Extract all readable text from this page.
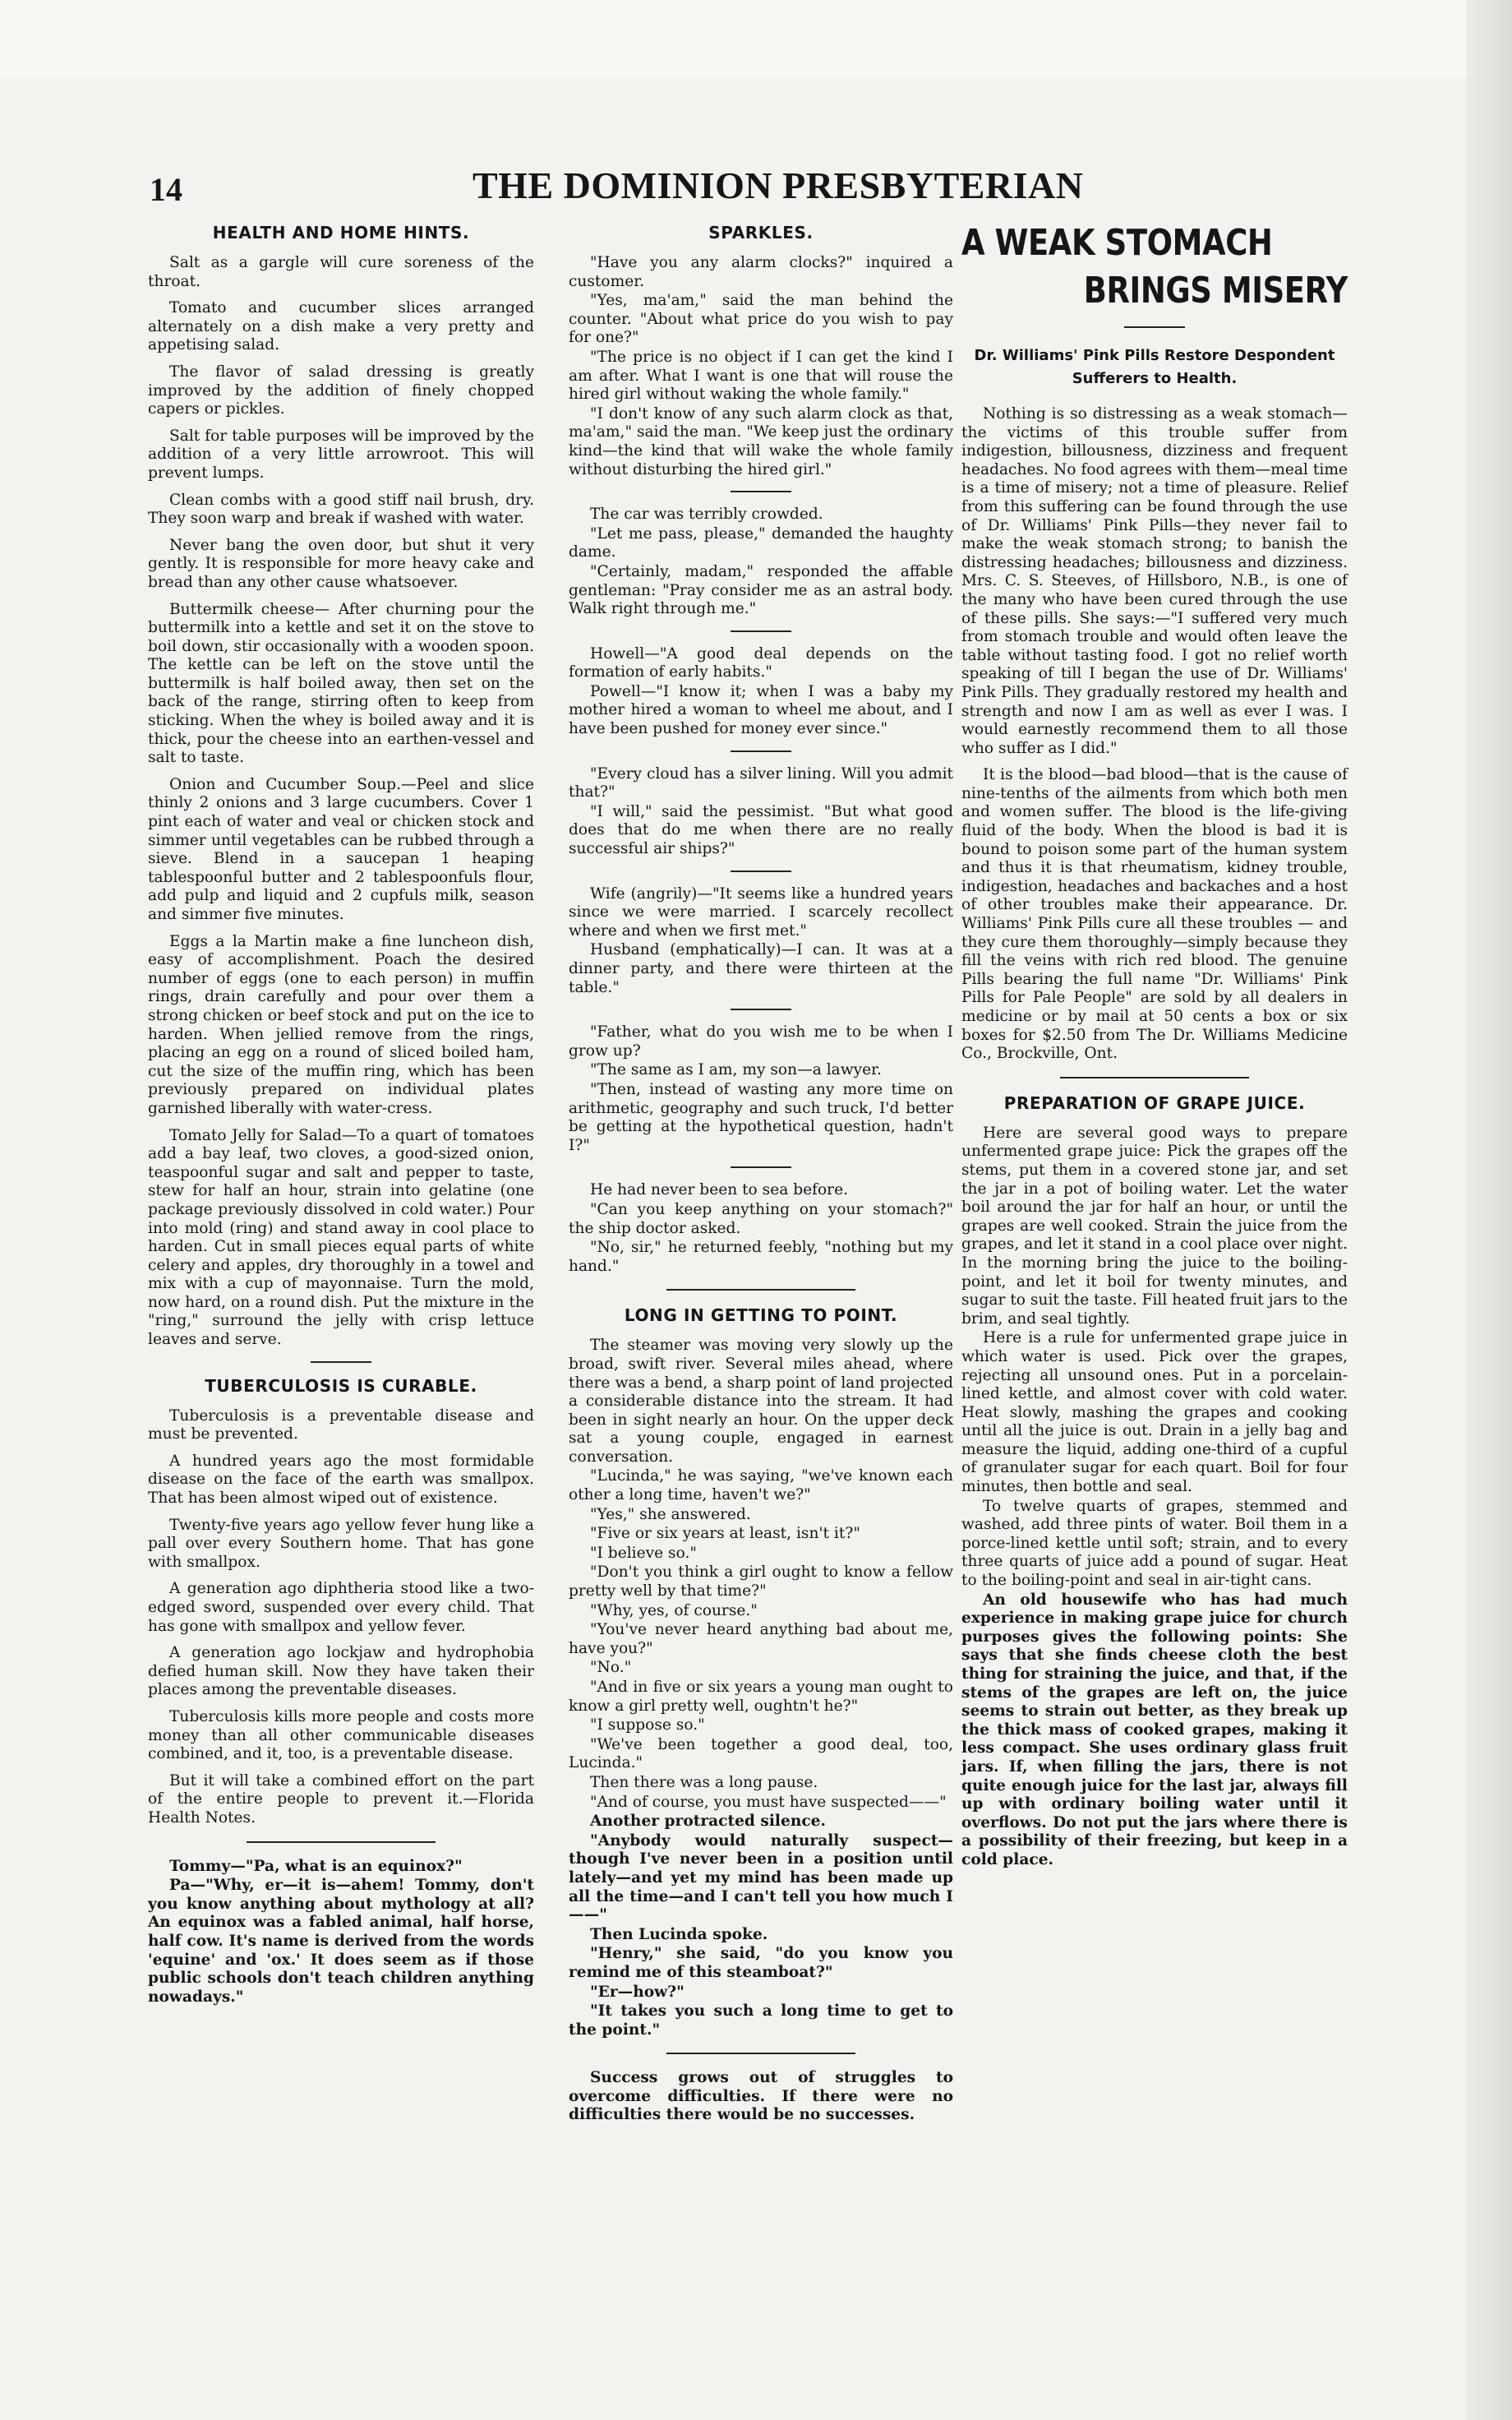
14	THE DOMINION PRESBYTERIAN
HEALTH AND HOME HINTS.

Salt as a gargle will cure soreness of the throat.

Tomato and cucumber slices arranged alternately on a dish make a very pretty and appetising salad.

The flavor of salad dressing is greatly improved by the addition of finely chopped capers or pickles.

Salt for table purposes will be improved by the addition of a very little arrowroot. This will prevent lumps.

Clean combs with a good stiff nail brush, dry. They soon warp and break if washed with water.

Never bang the oven door, but shut it very gently. It is responsible for more heavy cake and bread than any other cause whatsoever.

Buttermilk cheese— After churning pour the buttermilk into a kettle and set it on the stove to boil down, stir occasionally with a wooden spoon. The kettle can be left on the stove until the buttermilk is half boiled away, then set on the back of the range, stirring often to keep from sticking. When the whey is boiled away and it is thick, pour the cheese into an earthen-vessel and salt to taste.

Onion and Cucumber Soup.—Peel and slice thinly 2 onions and 3 large cucumbers. Cover 1 pint each of water and veal or chicken stock and simmer until vegetables can be rubbed through a sieve. Blend in a saucepan 1 heaping tablespoonful butter and 2 tablespoonfuls flour, add pulp and liquid and 2 cupfuls milk, season and simmer five minutes.

Eggs a la Martin make a fine luncheon dish, easy of accomplishment. Poach the desired number of eggs (one to each person) in muffin rings, drain carefully and pour over them a strong chicken or beef stock and put on the ice to harden. When jellied remove from the rings, placing an egg on a round of sliced boiled ham, cut the size of the muffin ring, which has been previously prepared on individual plates garnished liberally with water-cress.

Tomato Jelly for Salad—To a quart of tomatoes add a bay leaf, two cloves, a good-sized onion, teaspoonful sugar and salt and pepper to taste, stew for half an hour, strain into gelatine (one package previously dissolved in cold water.) Pour into mold (ring) and stand away in cool place to harden. Cut in small pieces equal parts of white celery and apples, dry thoroughly in a towel and mix with a cup of mayonnaise. Turn the mold, now hard, on a round dish. Put the mixture in the "ring," surround the jelly with crisp lettuce leaves and serve.

TUBERCULOSIS IS CURABLE.

Tuberculosis is a preventable disease and must be prevented.

A hundred years ago the most formidable disease on the face of the earth was smallpox. That has been almost wiped out of existence.

Twenty-five years ago yellow fever hung like a pall over every Southern home. That has gone with smallpox.

A generation ago diphtheria stood like a two-edged sword, suspended over every child. That has gone with smallpox and yellow fever.

A generation ago lockjaw and hydrophobia defied human skill. Now they have taken their places among the preventable diseases.

Tuberculosis kills more people and costs more money than all other communicable diseases combined, and it, too, is a preventable disease.

But it will take a combined effort on the part of the entire people to prevent it.—Florida Health Notes.

Tommy—"Pa, what is an equinox?"

Pa—"Why, er—it is—ahem! Tommy, don't you know anything about mythology at all? An equinox was a fabled animal, half horse, half cow. It's name is derived from the words 'equine' and 'ox.' It does seem as if those public schools don't teach children anything nowadays."

SPARKLES.

"Have you any alarm clocks?" inquired a customer.

"Yes, ma'am," said the man behind the counter. "About what price do you wish to pay for one?"

"The price is no object if I can get the kind I am after. What I want is one that will rouse the hired girl without waking the whole family."

"I don't know of any such alarm clock as that, ma'am," said the man. "We keep just the ordinary kind—the kind that will wake the whole family without disturbing the hired girl."

The car was terribly crowded.

"Let me pass, please," demanded the haughty dame.

"Certainly, madam," responded the affable gentleman: "Pray consider me as an astral body. Walk right through me."

Howell—"A good deal depends on the formation of early habits."

Powell—"I know it; when I was a baby my mother hired a woman to wheel me about, and I have been pushed for money ever since."

"Every cloud has a silver lining. Will you admit that?"

"I will," said the pessimist. "But what good does that do me when there are no really successful air ships?"

Wife (angrily)—"It seems like a hundred years since we were married. I scarcely recollect where and when we first met."

Husband (emphatically)—I can. It was at a dinner party, and there were thirteen at the table."

"Father, what do you wish me to be when I grow up?

"The same as I am, my son—a lawyer.

"Then, instead of wasting any more time on arithmetic, geography and such truck, I'd better be getting at the hypothetical question, hadn't I?"

He had never been to sea before.

"Can you keep anything on your stomach?" the ship doctor asked.

"No, sir," he returned feebly, "nothing but my hand."

LONG IN GETTING TO POINT.

The steamer was moving very slowly up the broad, swift river. Several miles ahead, where there was a bend, a sharp point of land projected a considerable distance into the stream. It had been in sight nearly an hour. On the upper deck sat a young couple, engaged in earnest conversation.

"Lucinda," he was saying, "we've known each other a long time, haven't we?"

"Yes," she answered.

"Five or six years at least, isn't it?"

"I believe so."

"Don't you think a girl ought to know a fellow pretty well by that time?"

"Why, yes, of course."

"You've never heard anything bad about me, have you?"

"No."

"And in five or six years a young man ought to know a girl pretty well, oughtn't he?"

"I suppose so."

"We've been together a good deal, too, Lucinda."

Then there was a long pause.

"And of course, you must have suspected——"

Another protracted silence.

"Anybody would naturally suspect—though I've never been in a position until lately—and yet my mind has been made up all the time—and I can't tell you how much I——"

Then Lucinda spoke.

"Henry," she said, "do you know you remind me of this steamboat?"

"Er—how?"

"It takes you such a long time to get to the point."

Success grows out of struggles to overcome difficulties. If there were no difficulties there would be no successes.

A WEAK STOMACH
BRINGS MISERY
Dr. Williams' Pink Pills Restore Despondent Sufferers to Health.

Nothing is so distressing as a weak stomach—the victims of this trouble suffer from indigestion, billousness, dizziness and frequent headaches. No food agrees with them—meal time is a time of misery; not a time of pleasure. Relief from this suffering can be found through the use of Dr. Williams' Pink Pills—they never fail to make the weak stomach strong; to banish the distressing headaches; billousness and dizziness. Mrs. C. S. Steeves, of Hillsboro, N.B., is one of the many who have been cured through the use of these pills. She says:—"I suffered very much from stomach trouble and would often leave the table without tasting food. I got no relief worth speaking of till I began the use of Dr. Williams' Pink Pills. They gradually restored my health and strength and now I am as well as ever I was. I would earnestly recommend them to all those who suffer as I did."

It is the blood—bad blood—that is the cause of nine-tenths of the ailments from which both men and women suffer. The blood is the life-giving fluid of the body. When the blood is bad it is bound to poison some part of the human system and thus it is that rheumatism, kidney trouble, indigestion, headaches and backaches and a host of other troubles make their appearance. Dr. Williams' Pink Pills cure all these troubles — and they cure them thoroughly—simply because they fill the veins with rich red blood. The genuine Pills bearing the full name "Dr. Williams' Pink Pills for Pale People" are sold by all dealers in medicine or by mail at 50 cents a box or six boxes for $2.50 from The Dr. Williams Medicine Co., Brockville, Ont.

PREPARATION OF GRAPE JUICE.

Here are several good ways to prepare unfermented grape juice: Pick the grapes off the stems, put them in a covered stone jar, and set the jar in a pot of boiling water. Let the water boil around the jar for half an hour, or until the grapes are well cooked. Strain the juice from the grapes, and let it stand in a cool place over night. In the morning bring the juice to the boiling-point, and let it boil for twenty minutes, and sugar to suit the taste. Fill heated fruit jars to the brim, and seal tightly.

Here is a rule for unfermented grape juice in which water is used. Pick over the grapes, rejecting all unsound ones. Put in a porcelain-lined kettle, and almost cover with cold water. Heat slowly, mashing the grapes and cooking until all the juice is out. Drain in a jelly bag and measure the liquid, adding one-third of a cupful of granulater sugar for each quart. Boil for four minutes, then bottle and seal.

To twelve quarts of grapes, stemmed and washed, add three pints of water. Boil them in a porce-lined kettle until soft; strain, and to every three quarts of juice add a pound of sugar. Heat to the boiling-point and seal in air-tight cans.

An old housewife who has had much experience in making grape juice for church purposes gives the following points: She says that she finds cheese cloth the best thing for straining the juice, and that, if the stems of the grapes are left on, the juice seems to strain out better, as they break up the thick mass of cooked grapes, making it less compact. She uses ordinary glass fruit jars. If, when filling the jars, there is not quite enough juice for the last jar, always fill up with ordinary boiling water until it overflows. Do not put the jars where there is a possibility of their freezing, but keep in a cold place.
